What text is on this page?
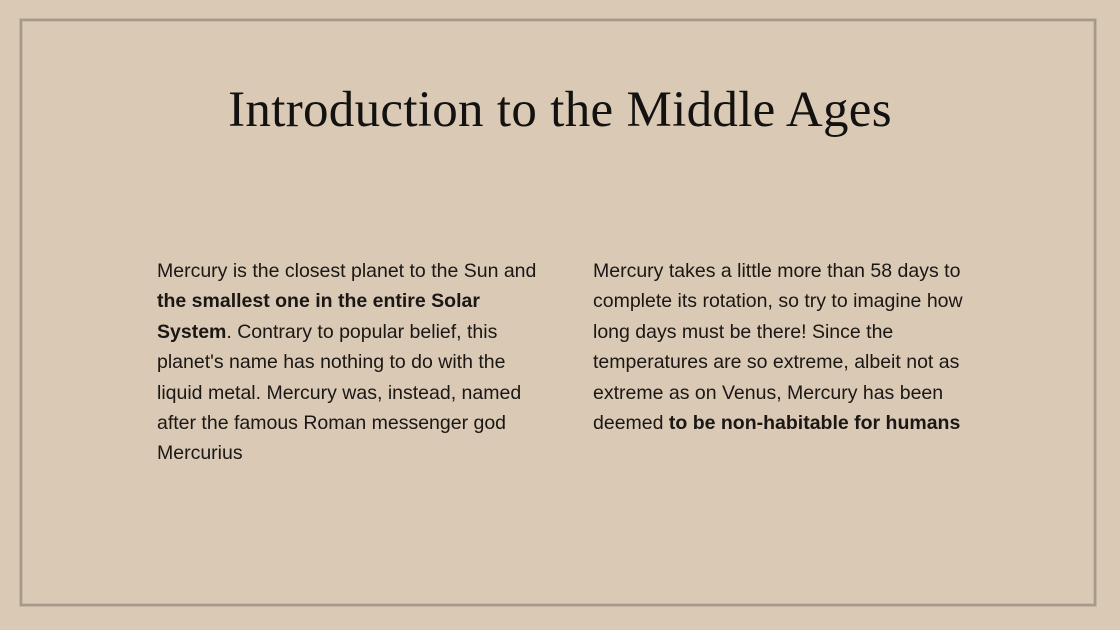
Introduction to the Middle Ages

Mercury is the closest planet to the Sun and the smallest one in the entire Solar System. Contrary to popular belief, this planet's name has nothing to do with the liquid metal. Mercury was, instead, named after the famous Roman messenger god Mercurius

Mercury takes a little more than 58 days to complete its rotation, so try to imagine how long days must be there! Since the temperatures are so extreme, albeit not as extreme as on Venus, Mercury has been deemed to be non-habitable for humans
